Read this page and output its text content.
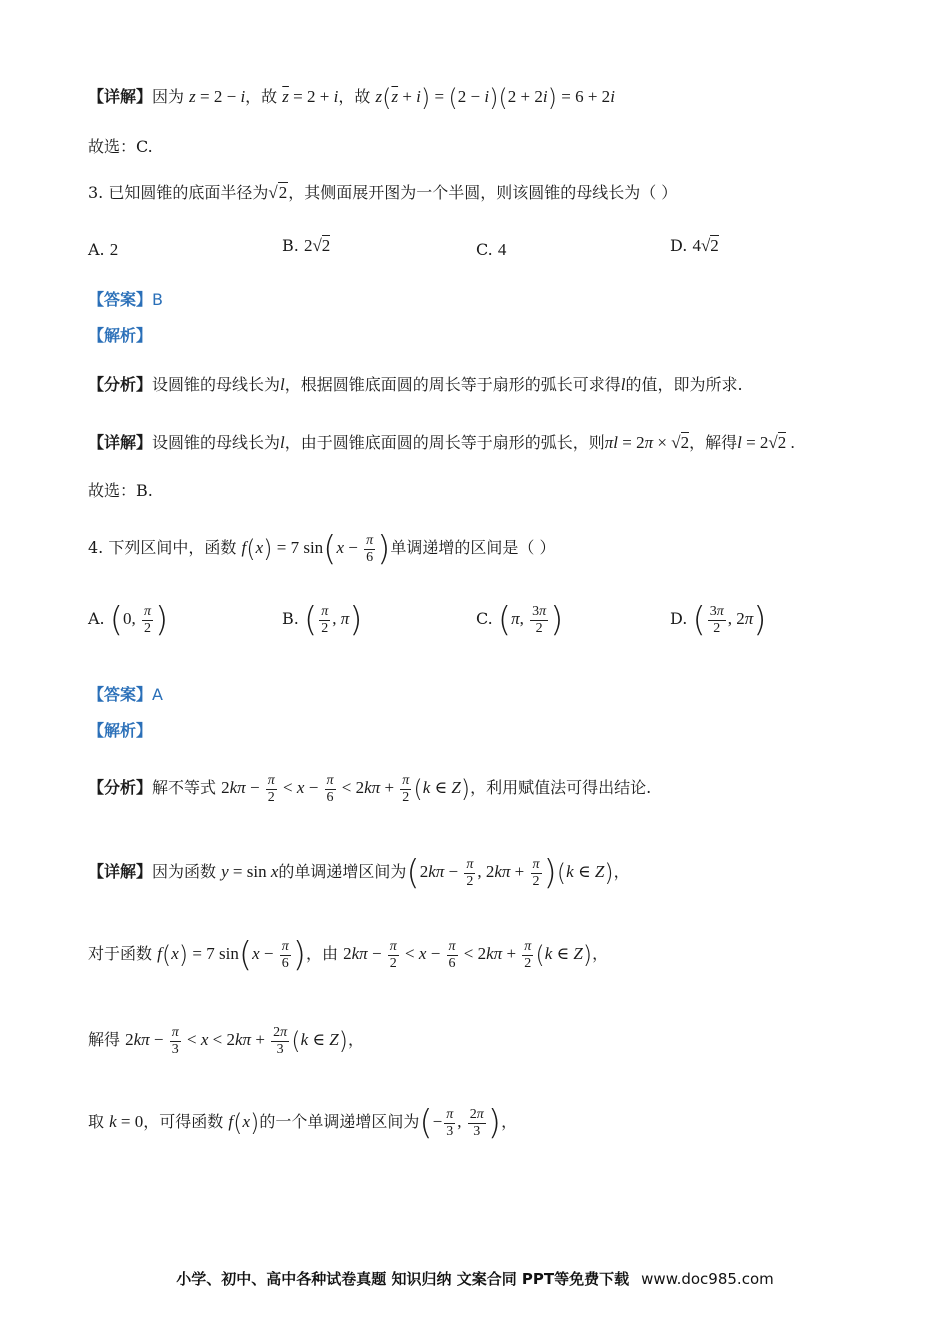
【详解】因为 z = 2 − i，故 $\overline{z} = 2 + i$，故 $z(\overline{z} + i) = (2 - i)(2 + 2i) = 6 + 2i$
故选：C.
3. 已知圆锥的底面半径为√2，其侧面展开图为一个半圆，则该圆锥的母线长为（ ）
A. 2	B. 2√2	C. 4	D. 4√2
【答案】B
【解析】
【分析】设圆锥的母线长为l，根据圆锥底面圆的周长等于扇形的弧长可求得l的值，即为所求.
【详解】设圆锥的母线长为l，由于圆锥底面圆的周长等于扇形的弧长，则πl = 2π × √2，解得l = 2√2 .
故选：B.
4. 下列区间中，函数 f(x) = 7 $\sin(x - \frac{\pi}{6}$ )单调递增的区间是（ ）
A. (0, $\frac{\pi}{2}$ )	B. ( $\frac{\pi}{2}$ , π)	C. (π, $\frac{3\pi}{2}$ )	D. ( $\frac{3\pi}{2}$ , 2π)
【答案】A
【解析】
【分析】解不等式 $2k\pi - \frac{\pi}{2} < x - \frac{\pi}{6} < 2k\pi + \frac{\pi}{2} (k$ ∈ Z)，利用赋值法可得出结论.
【详解】因为函数 y = sin x的单调递增区间为($2k\pi - \frac{\pi}{2}$ , $2k\pi + \frac{\pi}{2} )(k$ ∈ Z)，
对于函数 f(x) = 7 $\sin(x - \frac{\pi}{6}$ )，由 $2k\pi - \frac{\pi}{2} < x - \frac{\pi}{6} < 2k\pi + \frac{\pi}{2} (k$ ∈ Z)，
解得 $2k\pi - \frac{\pi}{3} < x < 2k\pi + \frac{2\pi}{3} (k$ ∈ Z)，
取 k = 0，可得函数 f(x)的一个单调递增区间为(− $\frac{\pi}{3}$ , $\frac{2\pi}{3}$ )，
小学、初中、高中各种试卷真题 知识归纳 文案合同 PPT等免费下载 www.doc985.com
